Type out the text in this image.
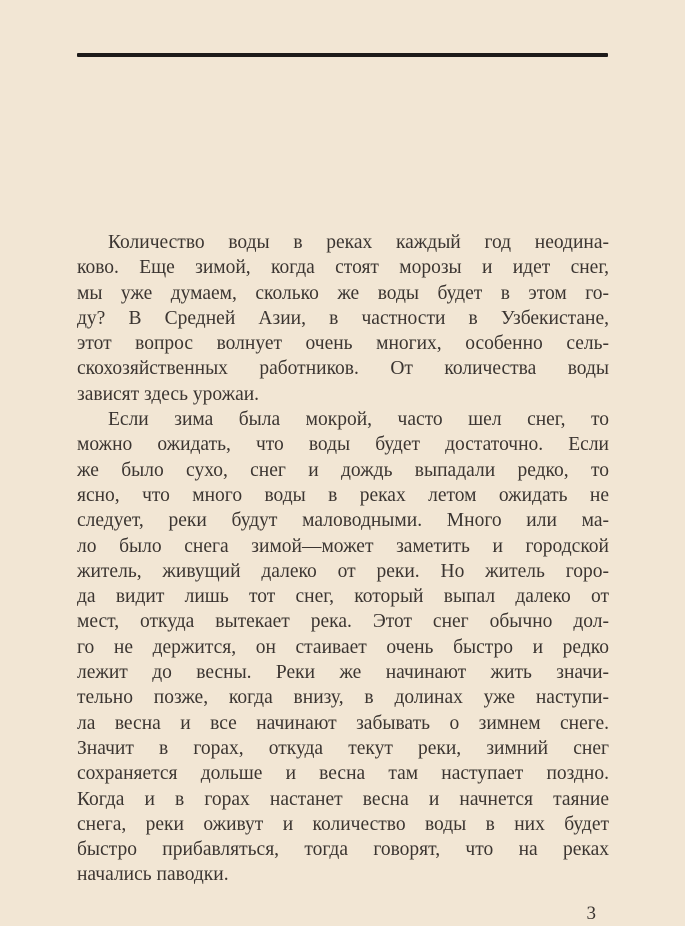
Количество воды в реках каждый год неодина-
ково. Еще зимой, когда стоят морозы и идет снег,
мы уже думаем, сколько же воды будет в этом го-
ду? В Средней Азии, в частности в Узбекистане,
этот вопрос волнует очень многих, особенно сель-
скохозяйственных работников. От количества воды
зависят здесь урожаи.
Если зима была мокрой, часто шел снег, то
можно ожидать, что воды будет достаточно. Если
же было сухо, снег и дождь выпадали редко, то
ясно, что много воды в реках летом ожидать не
следует, реки будут маловодными. Много или ма-
ло было снега зимой—может заметить и городской
житель, живущий далеко от реки. Но житель горо-
да видит лишь тот снег, который выпал далеко от
мест, откуда вытекает река. Этот снег обычно дол-
го не держится, он стаивает очень быстро и редко
лежит до весны. Реки же начинают жить значи-
тельно позже, когда внизу, в долинах уже наступи-
ла весна и все начинают забывать о зимнем снеге.
Значит в горах, откуда текут реки, зимний снег
сохраняется дольше и весна там наступает поздно.
Когда и в горах настанет весна и начнется таяние
снега, реки оживут и количество воды в них будет
быстро прибавляться, тогда говорят, что на реках
начались паводки.
3
